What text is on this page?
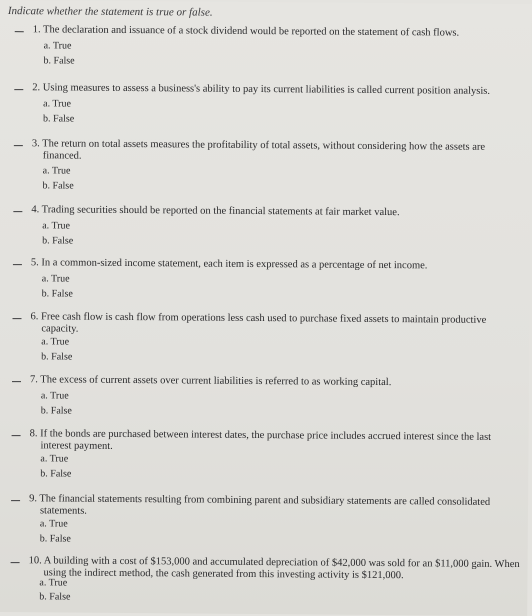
Indicate whether the statement is true or false.
1. The declaration and issuance of a stock dividend would be reported on the statement of cash flows.
a. True
b. False
2. Using measures to assess a business's ability to pay its current liabilities is called current position analysis.
a. True
b. False
3. The return on total assets measures the profitability of total assets, without considering how the assets are
financed.
a. True
b. False
4. Trading securities should be reported on the financial statements at fair market value.
a. True
b. False
5. In a common-sized income statement, each item is expressed as a percentage of net income.
a. True
b. False
6. Free cash flow is cash flow from operations less cash used to purchase fixed assets to maintain productive
capacity.
a. True
b. False
7. The excess of current assets over current liabilities is referred to as working capital.
a. True
b. False
8. If the bonds are purchased between interest dates, the purchase price includes accrued interest since the last
interest payment.
a. True
b. False
9. The financial statements resulting from combining parent and subsidiary statements are called consolidated
statements.
a. True
b. False
10. A building with a cost of $153,000 and accumulated depreciation of $42,000 was sold for an $11,000 gain. When
using the indirect method, the cash generated from this investing activity is $121,000.
a. True
b. False
